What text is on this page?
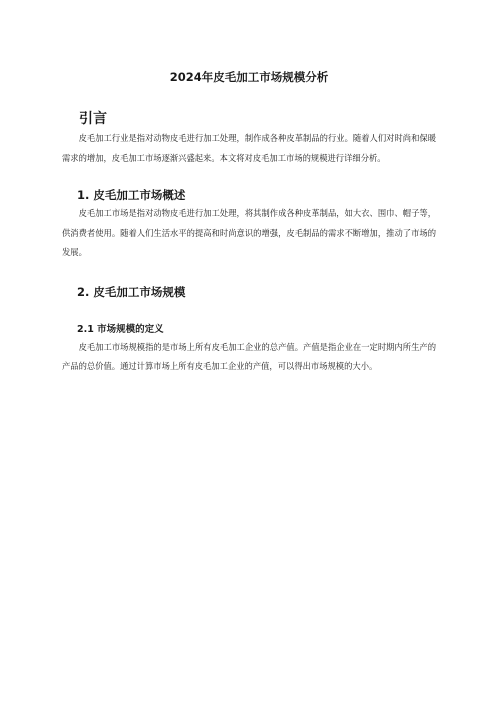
2024年皮毛加工市场规模分析
引言

皮毛加工行业是指对动物皮毛进行加工处理，制作成各种皮革制品的行业。随着人们对时尚和保暖需求的增加，皮毛加工市场逐渐兴盛起来。本文将对皮毛加工市场的规模进行详细分析。

1. 皮毛加工市场概述

皮毛加工市场是指对动物皮毛进行加工处理，将其制作成各种皮革制品，如大衣、围巾、帽子等，供消费者使用。随着人们生活水平的提高和时尚意识的增强，皮毛制品的需求不断增加，推动了市场的发展。

2. 皮毛加工市场规模
2.1 市场规模的定义

皮毛加工市场规模指的是市场上所有皮毛加工企业的总产值。产值是指企业在一定时期内所生产的产品的总价值。通过计算市场上所有皮毛加工企业的产值，可以得出市场规模的大小。
